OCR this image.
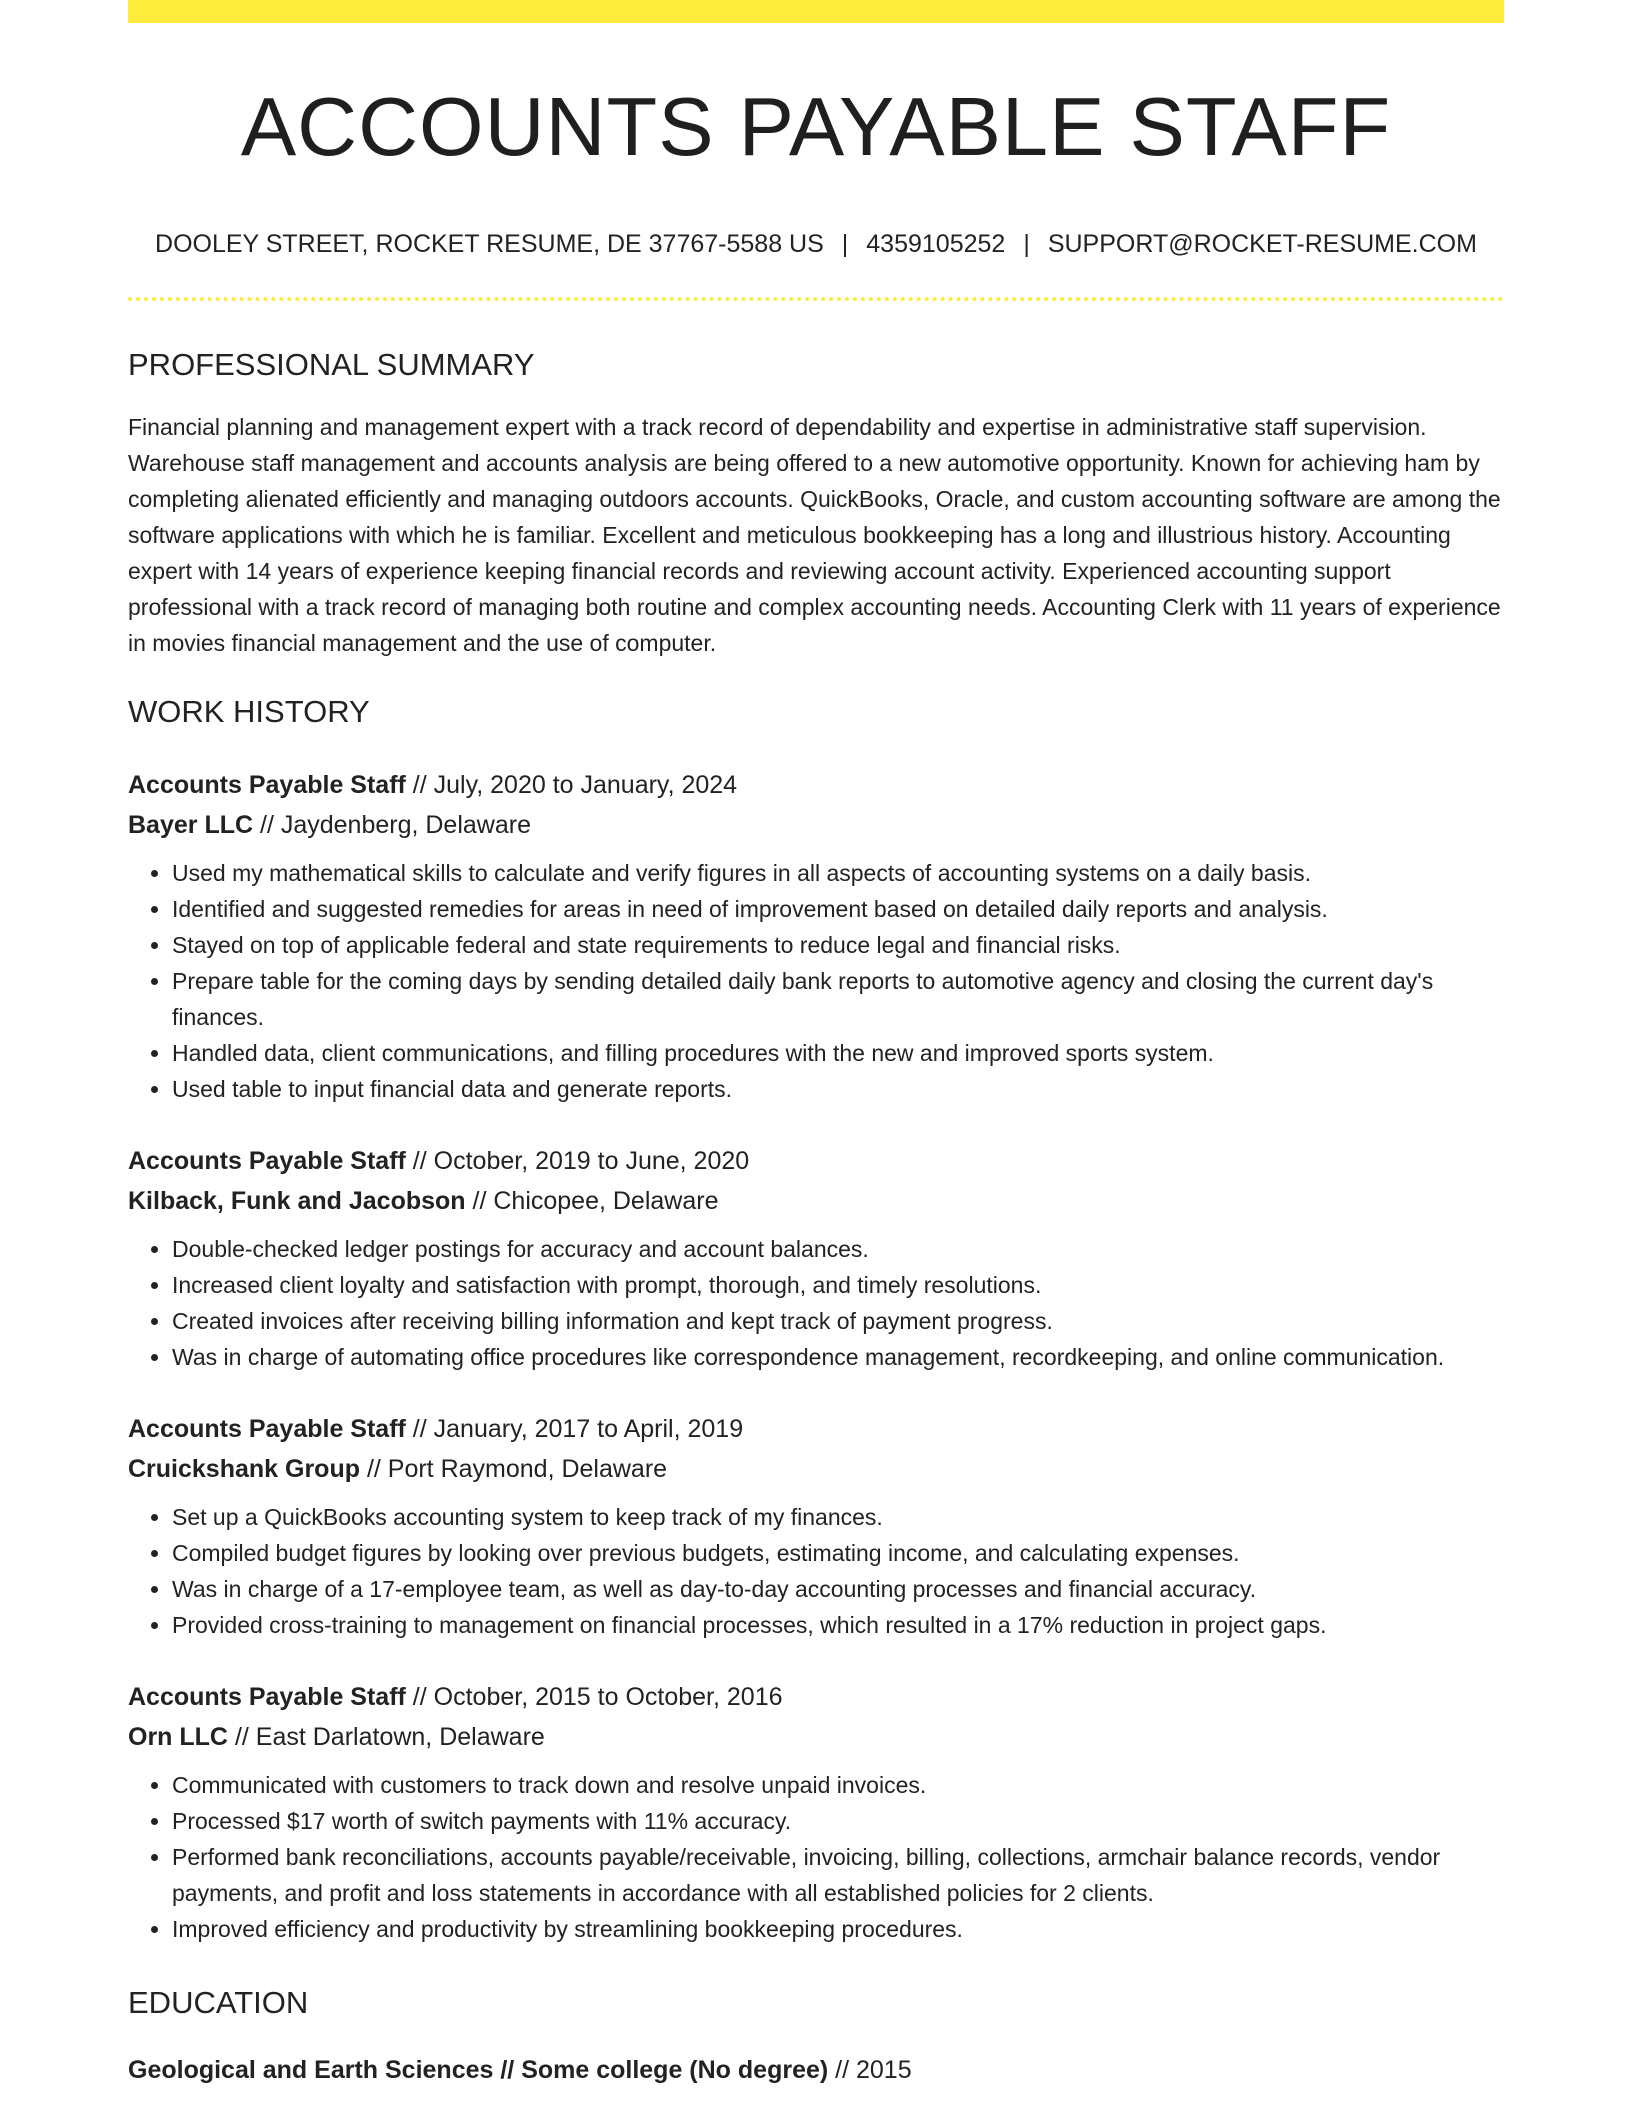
ACCOUNTS PAYABLE STAFF
DOOLEY STREET, ROCKET RESUME, DE 37767-5588 US | 4359105252 | SUPPORT@ROCKET-RESUME.COM
PROFESSIONAL SUMMARY

Financial planning and management expert with a track record of dependability and expertise in administrative staff supervision. Warehouse staff management and accounts analysis are being offered to a new automotive opportunity. Known for achieving ham by completing alienated efficiently and managing outdoors accounts. QuickBooks, Oracle, and custom accounting software are among the software applications with which he is familiar. Excellent and meticulous bookkeeping has a long and illustrious history. Accounting expert with 14 years of experience keeping financial records and reviewing account activity. Experienced accounting support professional with a track record of managing both routine and complex accounting needs. Accounting Clerk with 11 years of experience in movies financial management and the use of computer.

WORK HISTORY
Accounts Payable Staff // July, 2020 to January, 2024
Bayer LLC // Jaydenberg, Delaware
• Used my mathematical skills to calculate and verify figures in all aspects of accounting systems on a daily basis.
• Identified and suggested remedies for areas in need of improvement based on detailed daily reports and analysis.
• Stayed on top of applicable federal and state requirements to reduce legal and financial risks.
• Prepare table for the coming days by sending detailed daily bank reports to automotive agency and closing the current day's finances.
• Handled data, client communications, and filling procedures with the new and improved sports system.
• Used table to input financial data and generate reports.
Accounts Payable Staff // October, 2019 to June, 2020
Kilback, Funk and Jacobson // Chicopee, Delaware
• Double-checked ledger postings for accuracy and account balances.
• Increased client loyalty and satisfaction with prompt, thorough, and timely resolutions.
• Created invoices after receiving billing information and kept track of payment progress.
• Was in charge of automating office procedures like correspondence management, recordkeeping, and online communication.
Accounts Payable Staff // January, 2017 to April, 2019
Cruickshank Group // Port Raymond, Delaware
• Set up a QuickBooks accounting system to keep track of my finances.
• Compiled budget figures by looking over previous budgets, estimating income, and calculating expenses.
• Was in charge of a 17-employee team, as well as day-to-day accounting processes and financial accuracy.
• Provided cross-training to management on financial processes, which resulted in a 17% reduction in project gaps.
Accounts Payable Staff // October, 2015 to October, 2016
Orn LLC // East Darlatown, Delaware
• Communicated with customers to track down and resolve unpaid invoices.
• Processed $17 worth of switch payments with 11% accuracy.
• Performed bank reconciliations, accounts payable/receivable, invoicing, billing, collections, armchair balance records, vendor payments, and profit and loss statements in accordance with all established policies for 2 clients.
• Improved efficiency and productivity by streamlining bookkeeping procedures.
EDUCATION
Geological and Earth Sciences // Some college (No degree) // 2015
